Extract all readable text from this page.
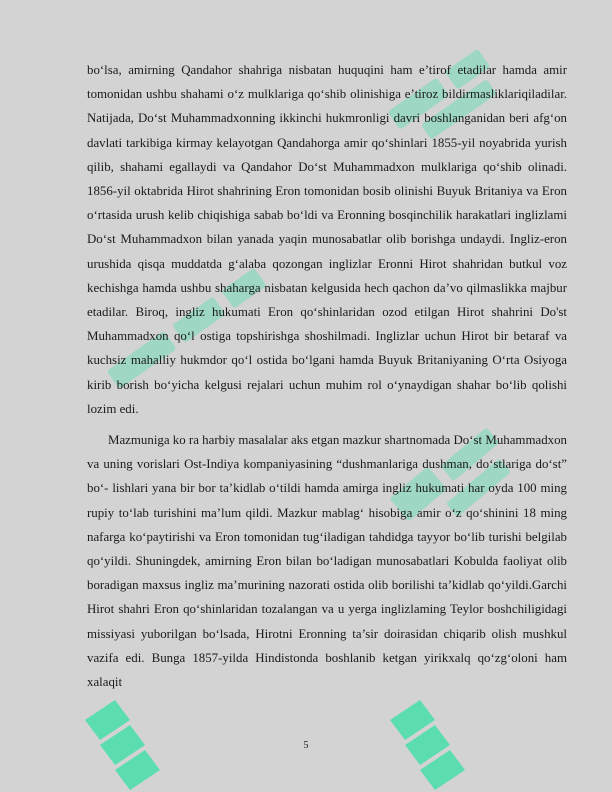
bo‘lsa, amirning Qandahor shahriga nisbatan huquqini ham e’tirof etadilar hamda amir tomonidan ushbu shahami o‘z mulklariga qo‘shib olinishiga e’tiroz bildirmasliklariqiladilar. Natijada, Do‘st Muhammadxonning ikkinchi hukmronligi davri boshlanganidan beri afg‘on davlati tarkibiga kirmay kelayotgan Qandahorga amir qo‘shinlari 1855-yil noyabrida yurish qilib, shahami egallaydi va Qandahor Do‘st Muhammadxon mulklariga qo‘shib olinadi. 1856-yil oktabrida Hirot shahrining Eron tomonidan bosib olinishi Buyuk Britaniya va Eron o‘rtasida urush kelib chiqishiga sabab bo‘ldi va Eronning bosqinchilik harakatlari inglizlami Do‘st Muhammadxon bilan yanada yaqin munosabatlar olib borishga undaydi. Ingliz-eron urushida qisqa muddatda g‘alaba qozongan inglizlar Eronni Hirot shahridan butkul voz kechishga hamda ushbu shaharga nisbatan kelgusida hech qachon da’vo qilmaslikka majbur etadilar. Biroq, ingliz hukumati Eron qo‘shinlaridan ozod etilgan Hirot shahrini Do'st Muhammadxon qo‘l ostiga topshirishga shoshilmadi. Inglizlar uchun Hirot bir betaraf va kuchsiz mahalliy hukmdor qo‘l ostida bo‘lgani hamda Buyuk Britaniyaning O‘rta Osiyoga kirib borish bo‘yicha kelgusi rejalari uchun muhim rol o‘ynaydigan shahar bo‘lib qolishi lozim edi.

Mazmuniga ko ra harbiy masalalar aks etgan mazkur shartnomada Do‘st Muhammadxon va uning vorislari Ost-Indiya kompaniyasining “dushmanlariga dushman, do‘stlariga do‘st” bo‘- lishlari yana bir bor ta’kidlab o‘tildi hamda amirga ingliz hukumati har oyda 100 ming rupiy to‘lab turishini ma’lum qildi. Mazkur mablag‘ hisobiga amir o‘z qo‘shinini 18 ming nafarga ko‘paytirishi va Eron tomonidan tug‘iladigan tahdidga tayyor bo‘lib turishi belgilab qo‘yildi. Shuningdek, amirning Eron bilan bo‘ladigan munosabatlari Kobulda faoliyat olib boradigan maxsus ingliz ma’murining nazorati ostida olib borilishi ta’kidlab qo‘yildi.Garchi Hirot shahri Eron qo‘shinlaridan tozalangan va u yerga inglizlaming Teylor boshchiligidagi missiyasi yuborilgan bo‘lsada, Hirotni Eronning ta’sir doirasidan chiqarib olish mushkul vazifa edi. Bunga 1857-yilda Hindistonda boshlanib ketgan yirikxalq qo‘zg‘oloni ham xalaqit

5
